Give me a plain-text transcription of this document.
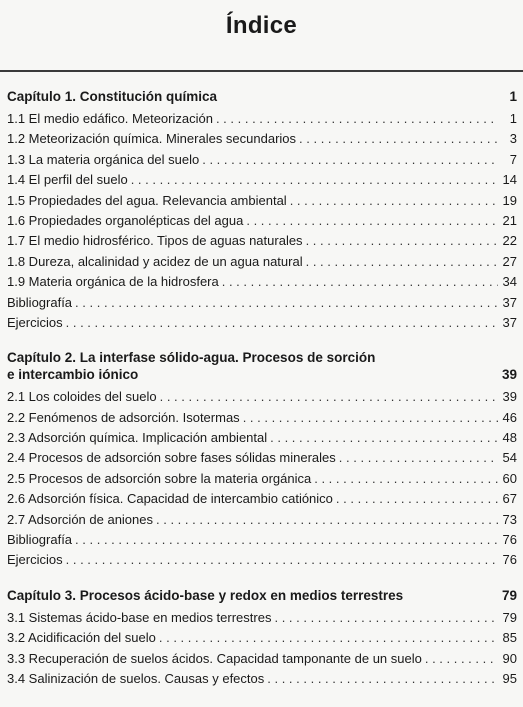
Índice
Capítulo 1. Constitución química	1
1.1 El medio edáfico. Meteorización . . .	1
1.2 Meteorización química. Minerales secundarios . . .	3
1.3 La materia orgánica del suelo . . .	7
1.4 El perfil del suelo . . .	14
1.5 Propiedades del agua. Relevancia ambiental . . .	19
1.6 Propiedades organolépticas del agua . . .	21
1.7 El medio hidrosférico. Tipos de aguas naturales . . .	22
1.8 Dureza, alcalinidad y acidez de un agua natural . . .	27
1.9 Materia orgánica de la hidrosfera . . .	34
Bibliografía . . .	37
Ejercicios . . .	37
Capítulo 2. La interfase sólido-agua. Procesos de sorción e intercambio iónico	39
2.1 Los coloides del suelo . . .	39
2.2 Fenómenos de adsorción. Isotermas . . .	46
2.3 Adsorción química. Implicación ambiental . . .	48
2.4 Procesos de adsorción sobre fases sólidas minerales . . .	54
2.5 Procesos de adsorción sobre la materia orgánica . . .	60
2.6 Adsorción física. Capacidad de intercambio catiónico . . .	67
2.7 Adsorción de aniones . . .	73
Bibliografía . . .	76
Ejercicios . . .	76
Capítulo 3. Procesos ácido-base y redox en medios terrestres	79
3.1 Sistemas ácido-base en medios terrestres . . .	79
3.2 Acidificación del suelo . . .	85
3.3 Recuperación de suelos ácidos. Capacidad tamponante de un suelo . . .	90
3.4 Salinización de suelos. Causas y efectos . . .	95
